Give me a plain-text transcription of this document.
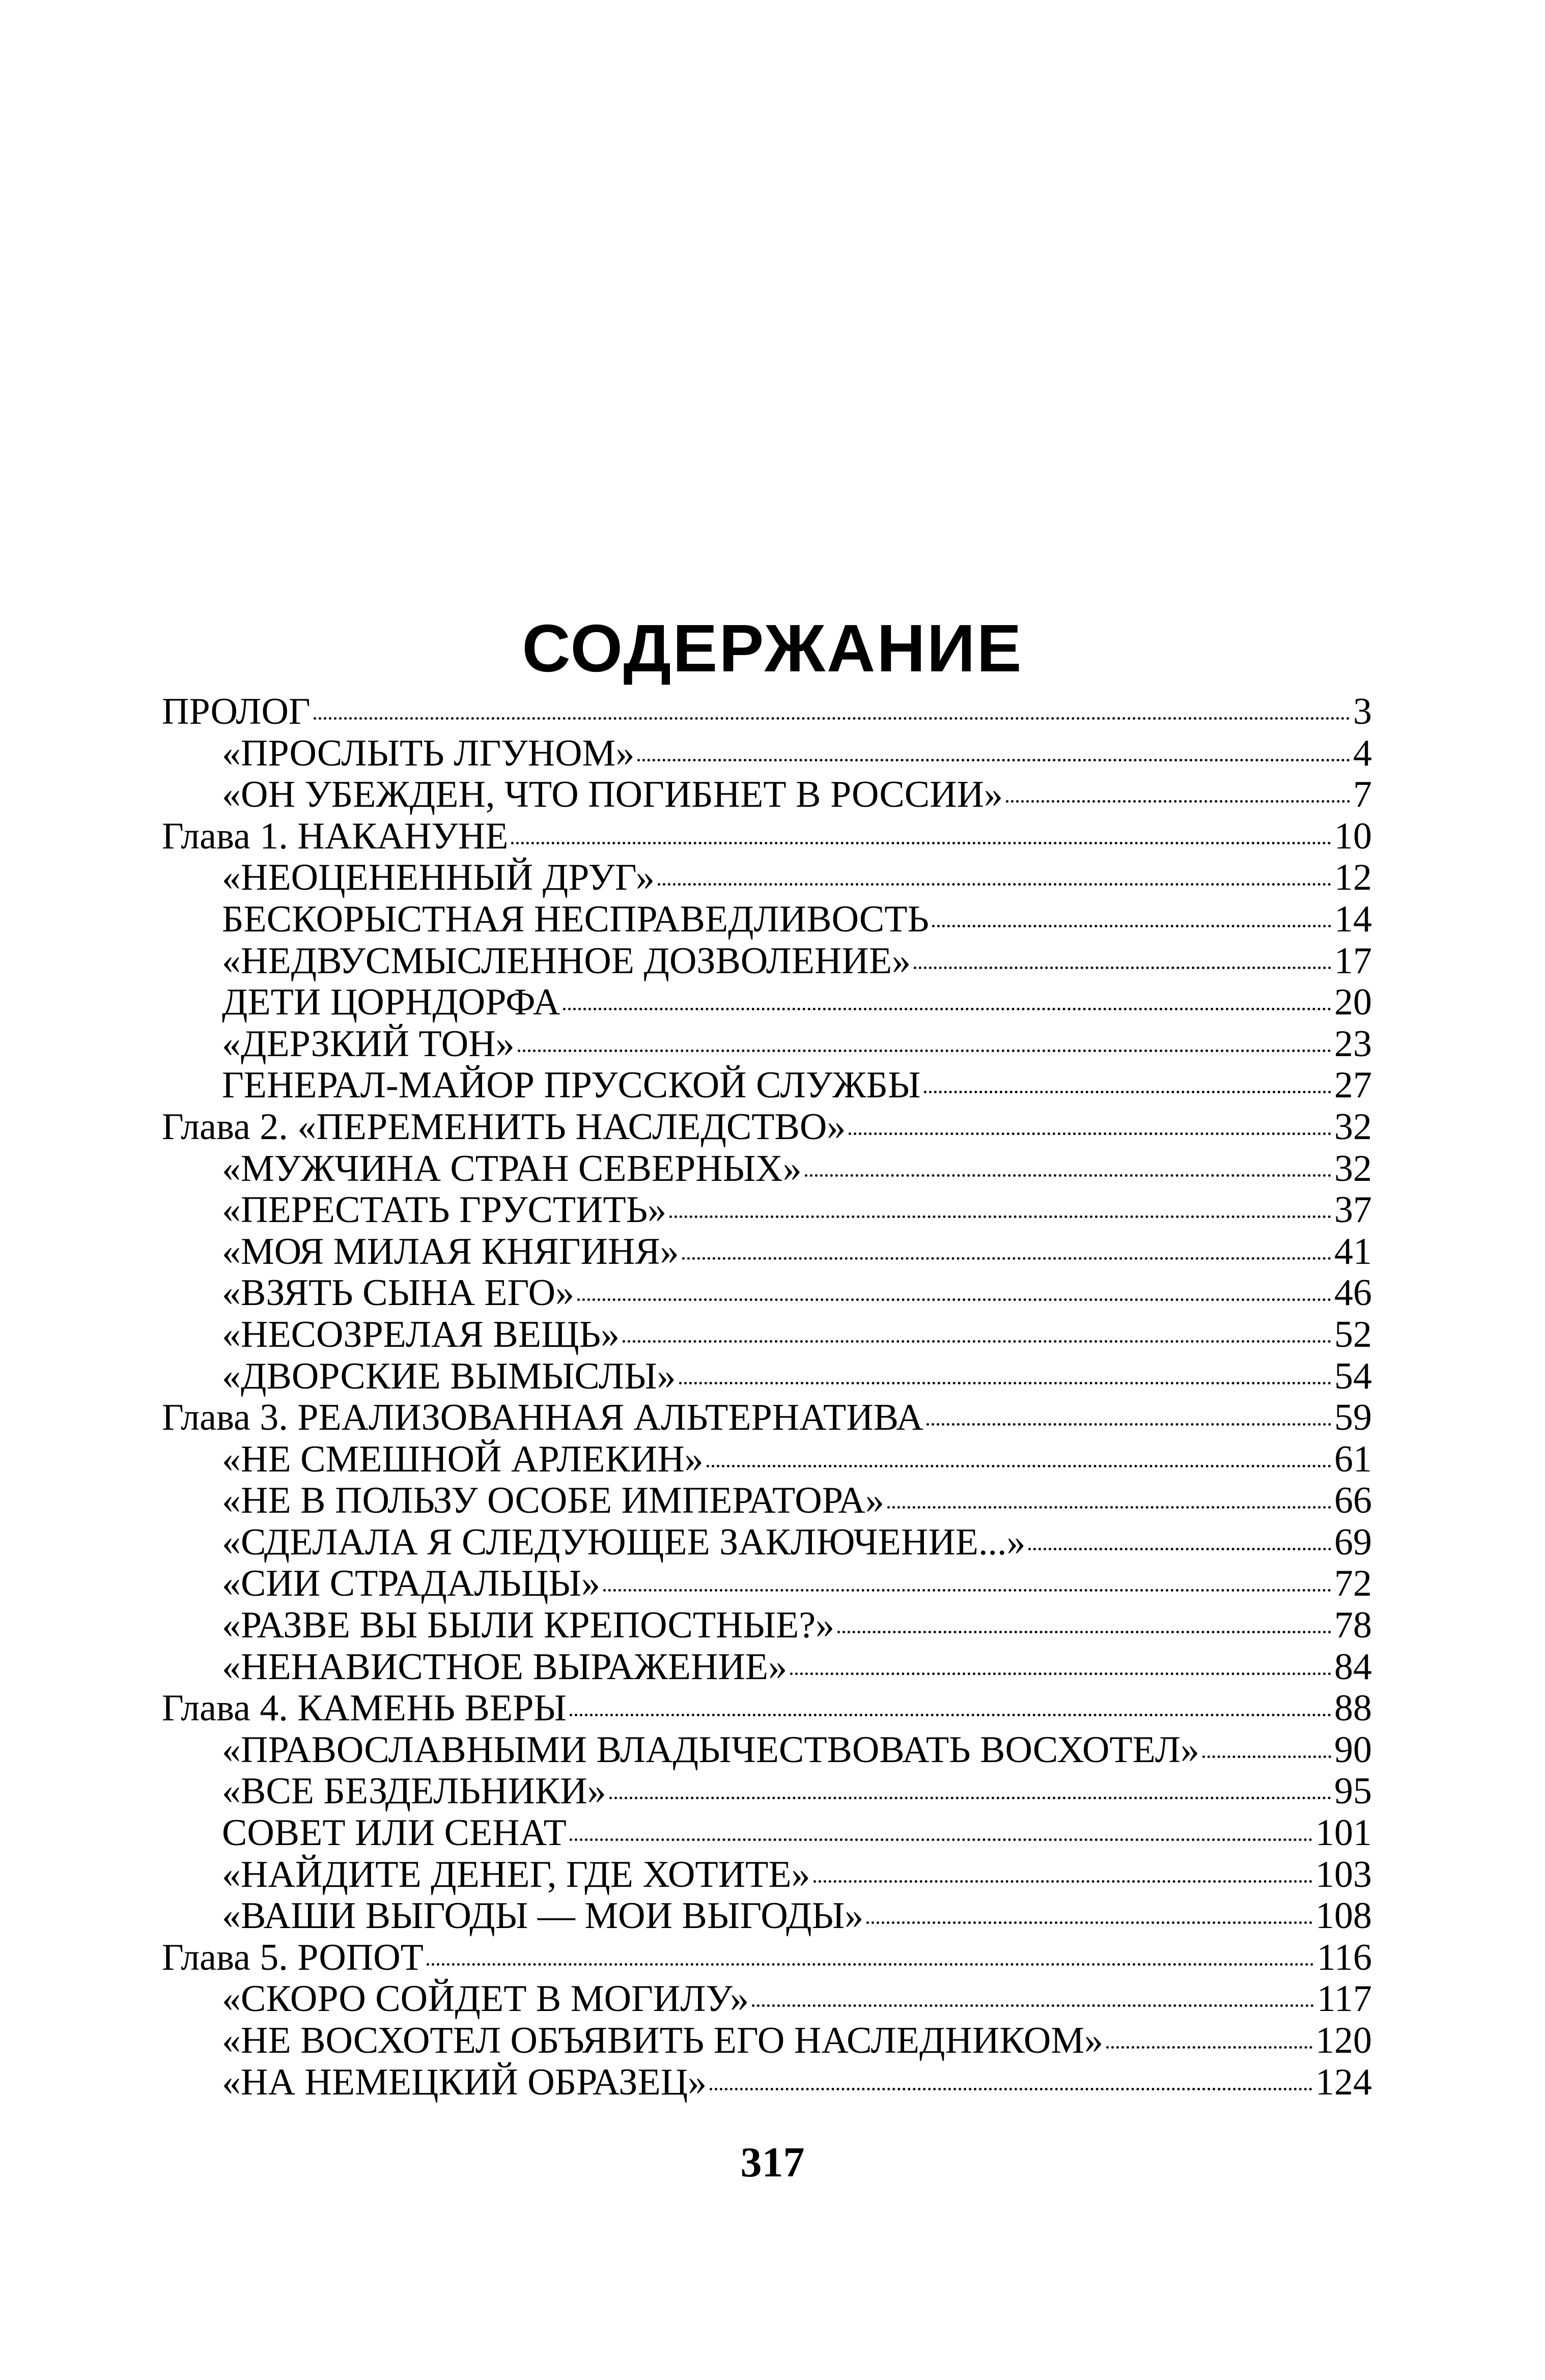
СОДЕРЖАНИЕ
ПРОЛОГ	3
«ПРОСЛЫТЬ ЛГУНОМ»	4
«ОН УБЕЖДЕН, ЧТО ПОГИБНЕТ В РОССИИ»	7
Глава 1. НАКАНУНЕ	10
«НЕОЦЕНЕННЫЙ ДРУГ»	12
БЕСКОРЫСТНАЯ НЕСПРАВЕДЛИВОСТЬ	14
«НЕДВУСМЫСЛЕННОЕ ДОЗВОЛЕНИЕ»	17
ДЕТИ ЦОРНДОРФА	20
«ДЕРЗКИЙ ТОН»	23
ГЕНЕРАЛ-МАЙОР ПРУССКОЙ СЛУЖБЫ	27
Глава 2. «ПЕРЕМЕНИТЬ НАСЛЕДСТВО»	32
«МУЖЧИНА СТРАН СЕВЕРНЫХ»	32
«ПЕРЕСТАТЬ ГРУСТИТЬ»	37
«МОЯ МИЛАЯ КНЯГИНЯ»	41
«ВЗЯТЬ СЫНА ЕГО»	46
«НЕСОЗРЕЛАЯ ВЕЩЬ»	52
«ДВОРСКИЕ ВЫМЫСЛЫ»	54
Глава 3. РЕАЛИЗОВАННАЯ АЛЬТЕРНАТИВА	59
«НЕ СМЕШНОЙ АРЛЕКИН»	61
«НЕ В ПОЛЬЗУ ОСОБЕ ИМПЕРАТОРА»	66
«СДЕЛАЛА Я СЛЕДУЮЩЕЕ ЗАКЛЮЧЕНИЕ...»	69
«СИИ СТРАДАЛЬЦЫ»	72
«РАЗВЕ ВЫ БЫЛИ КРЕПОСТНЫЕ?»	78
«НЕНАВИСТНОЕ ВЫРАЖЕНИЕ»	84
Глава 4. КАМЕНЬ ВЕРЫ	88
«ПРАВОСЛАВНЫМИ ВЛАДЫЧЕСТВОВАТЬ ВОСХОТЕЛ»	90
«ВСЕ БЕЗДЕЛЬНИКИ»	95
СОВЕТ ИЛИ СЕНАТ	101
«НАЙДИТЕ ДЕНЕГ, ГДЕ ХОТИТЕ»	103
«ВАШИ ВЫГОДЫ — МОИ ВЫГОДЫ»	108
Глава 5. РОПОТ	116
«СКОРО СОЙДЕТ В МОГИЛУ»	117
«НЕ ВОСХОТЕЛ ОБЪЯВИТЬ ЕГО НАСЛЕДНИКОМ»	120
«НА НЕМЕЦКИЙ ОБРАЗЕЦ»	124
317
